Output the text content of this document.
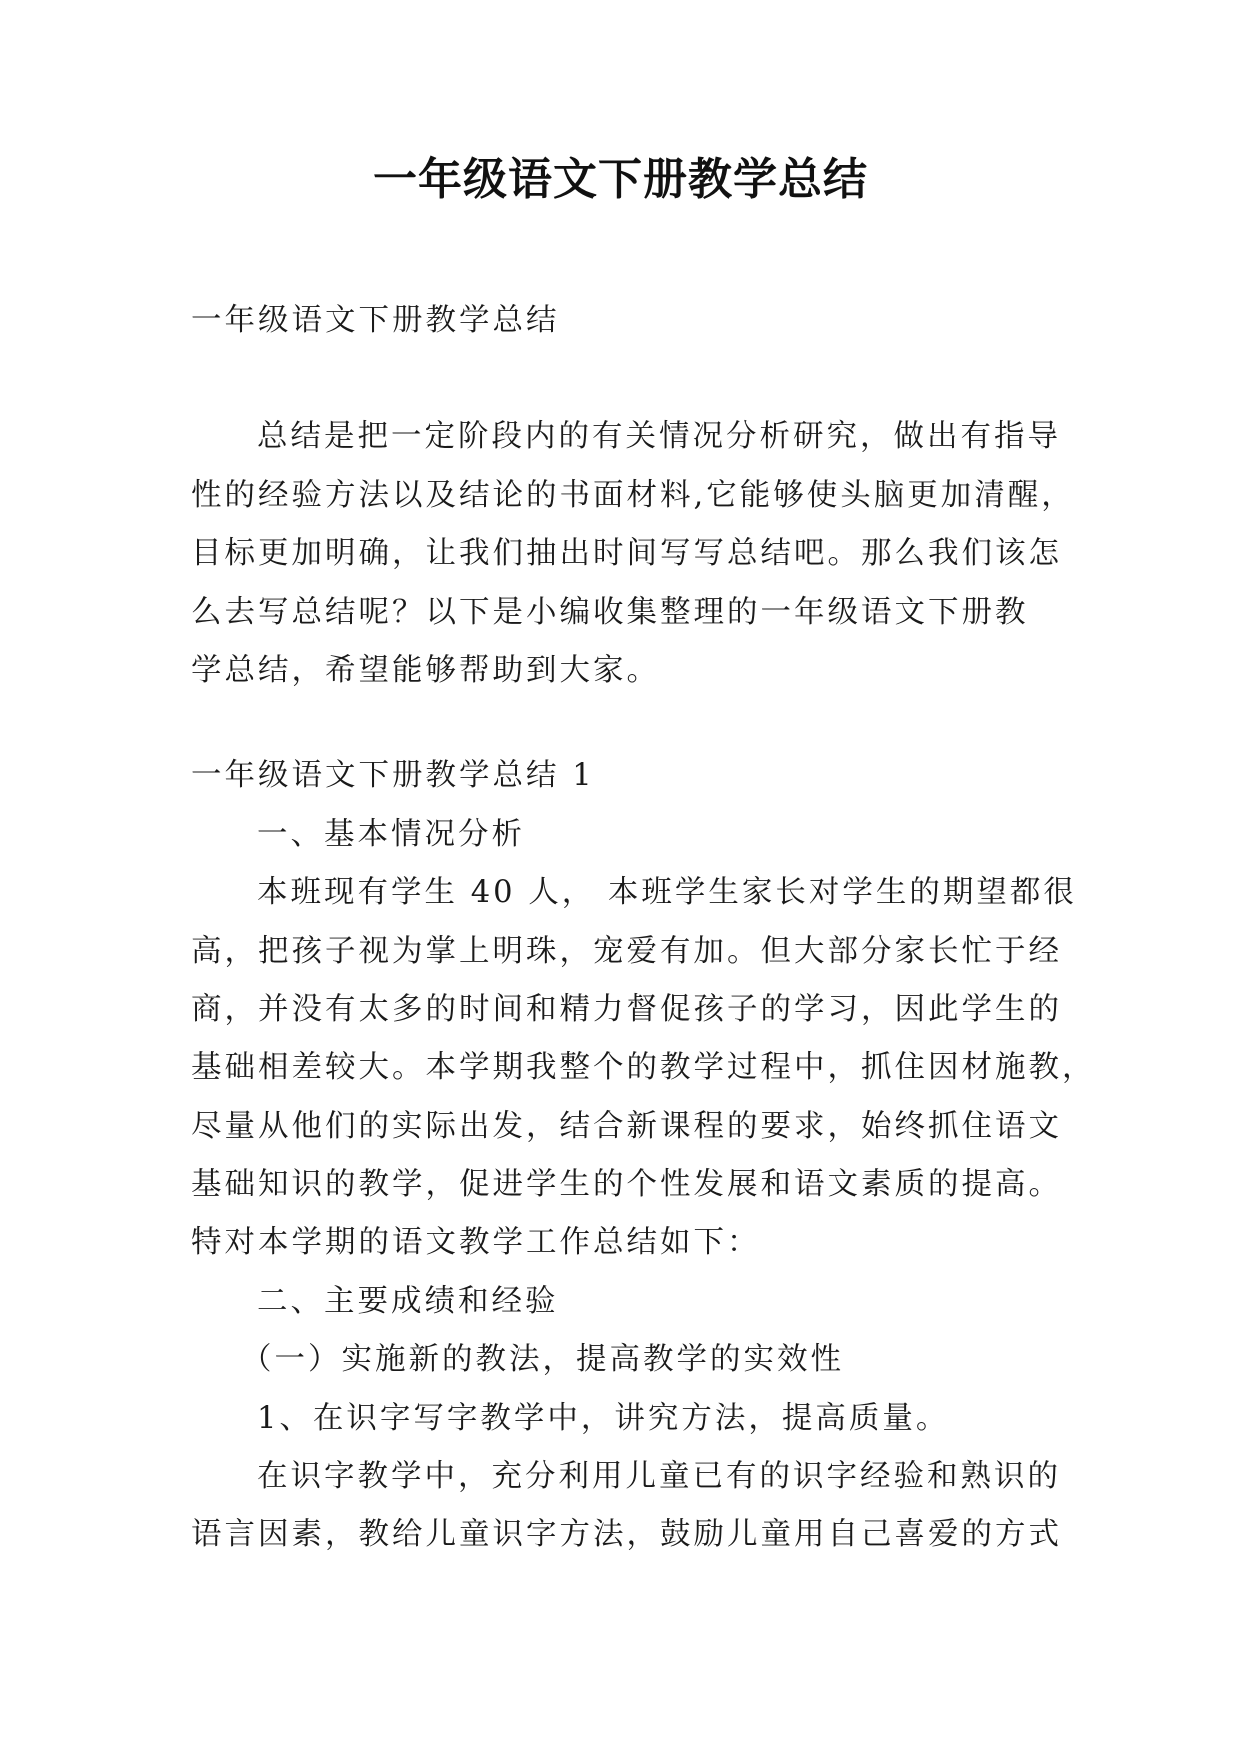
一年级语文下册教学总结
一年级语文下册教学总结
总结是把一定阶段内的有关情况分析研究，做出有指导
性的经验方法以及结论的书面材料,它能够使头脑更加清醒，
目标更加明确，让我们抽出时间写写总结吧。那么我们该怎
么去写总结呢？以下是小编收集整理的一年级语文下册教
学总结，希望能够帮助到大家。
一年级语文下册教学总结 1
一、基本情况分析
本班现有学生 40 人， 本班学生家长对学生的期望都很
高，把孩子视为掌上明珠，宠爱有加。但大部分家长忙于经
商，并没有太多的时间和精力督促孩子的学习，因此学生的
基础相差较大。本学期我整个的教学过程中，抓住因材施教，
尽量从他们的实际出发，结合新课程的要求，始终抓住语文
基础知识的教学，促进学生的个性发展和语文素质的提高。
特对本学期的语文教学工作总结如下：
二、主要成绩和经验
（一）实施新的教法，提高教学的实效性
1、在识字写字教学中，讲究方法，提高质量。
在识字教学中，充分利用儿童已有的识字经验和熟识的
语言因素，教给儿童识字方法，鼓励儿童用自己喜爱的方式
